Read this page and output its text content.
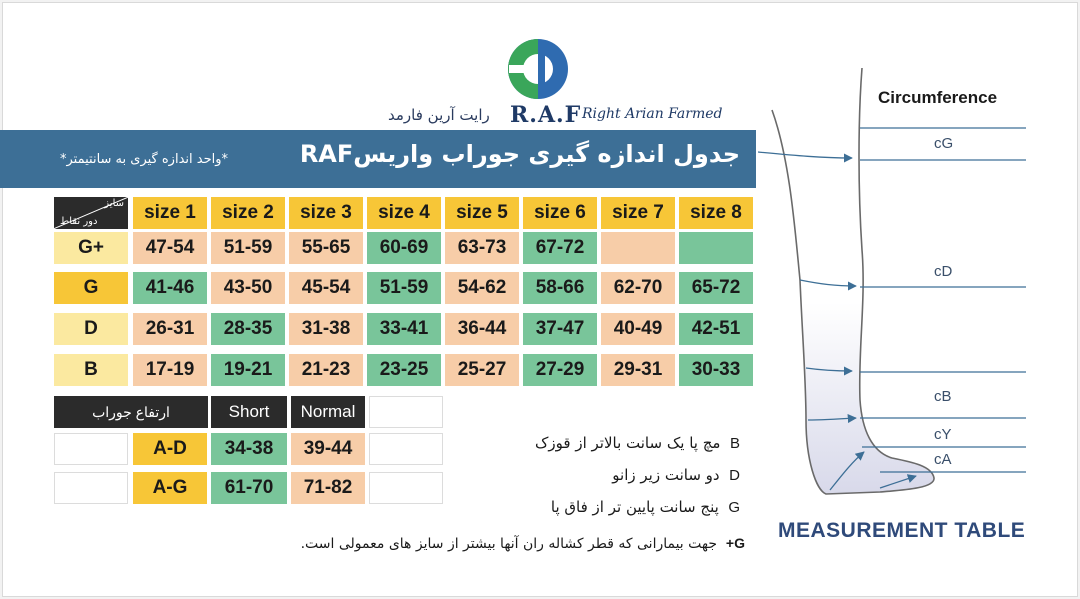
رایت آرین فارمد R.A.F Right Arian Farmed
*واحد اندازه گیری به سانتیمتر*	جدول اندازه گیری جوراب واریسRAF
سایز
دور نقاط	size 1	size 2	size 3	size 4	size 5	size 6	size 7	size 8
G+	47-54	51-59	55-65	60-69	63-73	67-72
G	41-46	43-50	45-54	51-59	54-62	58-66	62-70	65-72
D	26-31	28-35	31-38	33-41	36-44	37-47	40-49	42-51
B	17-19	19-21	21-23	23-25	25-27	27-29	29-31	30-33
ارتفاع جوراب	Short	Normal
A-D	34-38	39-44
A-G	61-70	71-82
B  مچ پا یک سانت بالاتر از قوزک
D  دو سانت زیر زانو
G  پنج سانت پایین تر از فاق پا
G+  جهت بیمارانی که قطر کشاله ران آنها بیشتر از سایز های معمولی است.
Circumference
cG
cD
cB
cY
cA
MEASUREMENT TABLE
